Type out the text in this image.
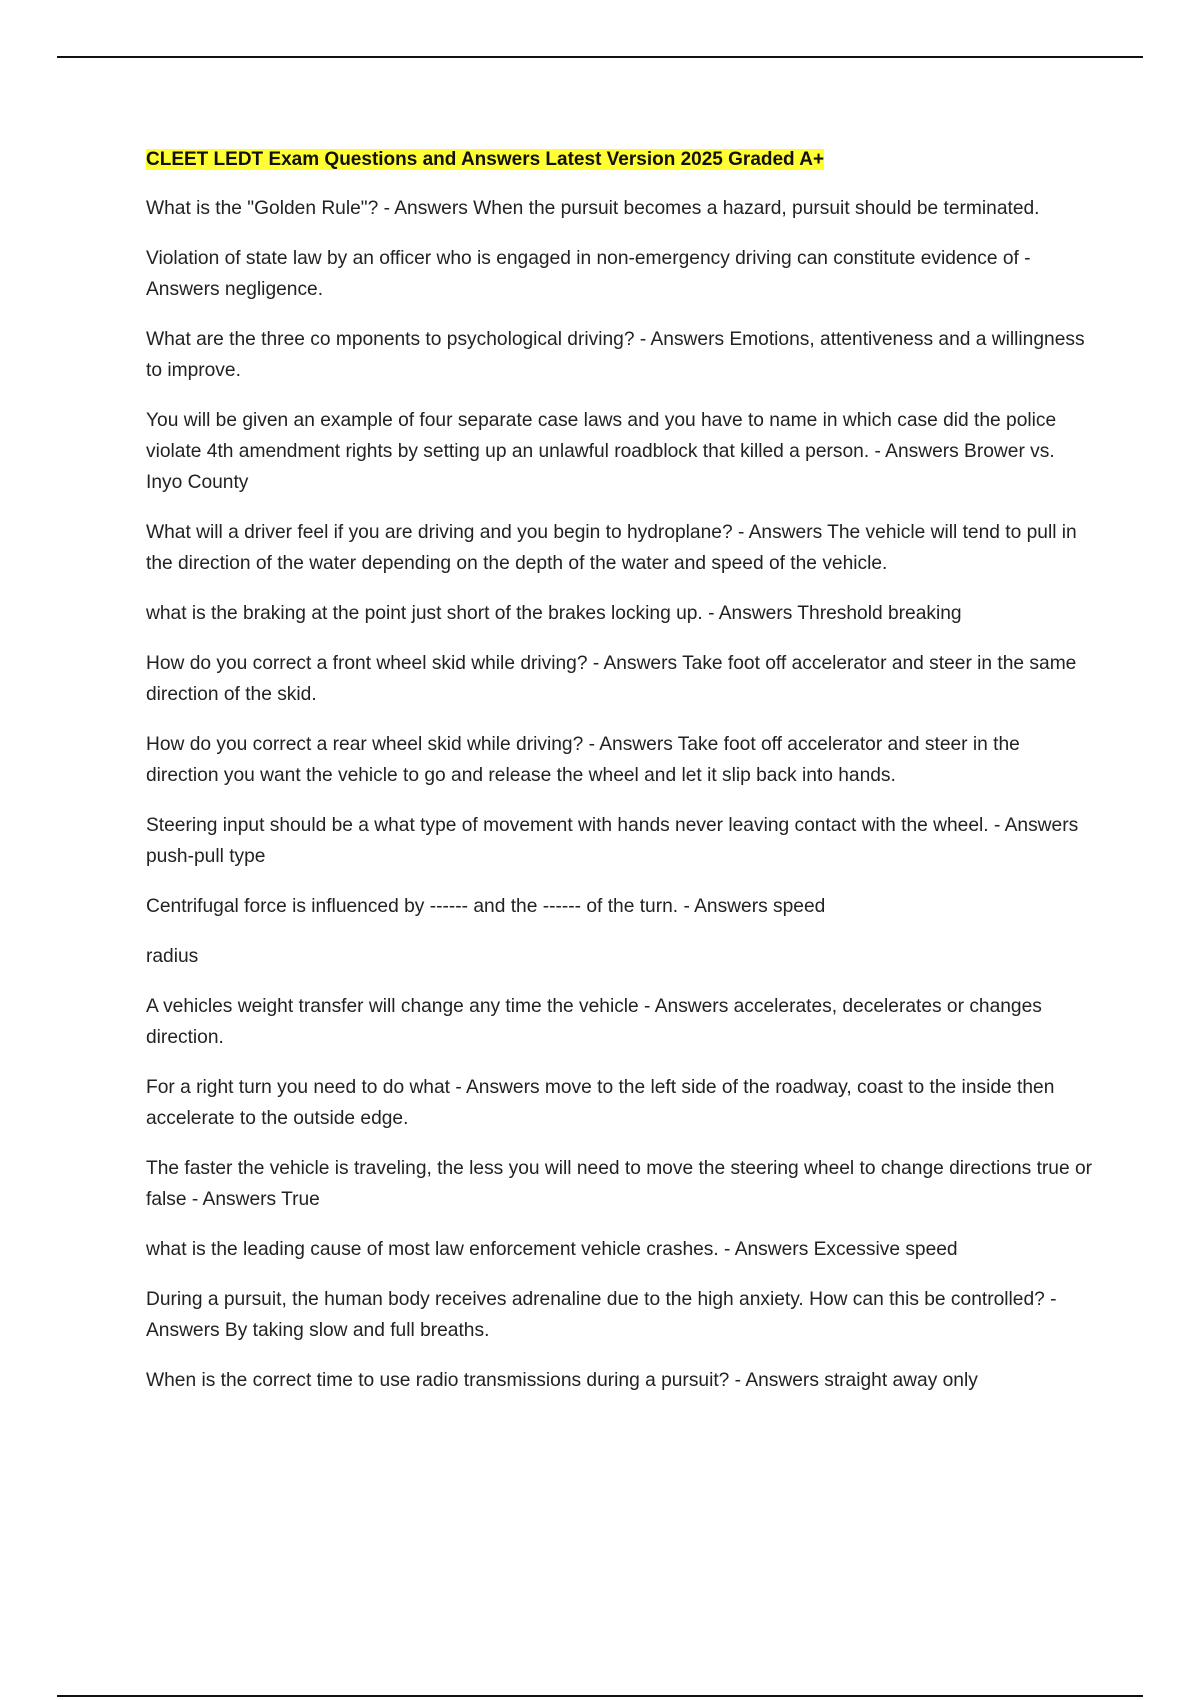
CLEET LEDT Exam Questions and Answers Latest Version 2025 Graded A+

What is the "Golden Rule"? - Answers When the pursuit becomes a hazard, pursuit should be terminated.

Violation of state law by an officer who is engaged in non-emergency driving can constitute evidence of - Answers negligence.

What are the three co mponents to psychological driving? - Answers Emotions, attentiveness and a willingness to improve.

You will be given an example of four separate case laws and you have to name in which case did the police violate 4th amendment rights by setting up an unlawful roadblock that killed a person. - Answers Brower vs. Inyo County

What will a driver feel if you are driving and you begin to hydroplane? - Answers The vehicle will tend to pull in the direction of the water depending on the depth of the water and speed of the vehicle.

what is the braking at the point just short of the brakes locking up. - Answers Threshold breaking

How do you correct a front wheel skid while driving? - Answers Take foot off accelerator and steer in the same direction of the skid.

How do you correct a rear wheel skid while driving? - Answers Take foot off accelerator and steer in the direction you want the vehicle to go and release the wheel and let it slip back into hands.

Steering input should be a what type of movement with hands never leaving contact with the wheel. - Answers push-pull type

Centrifugal force is influenced by ------ and the ------ of the turn. - Answers speed

radius

A vehicles weight transfer will change any time the vehicle - Answers accelerates, decelerates or changes direction.

For a right turn you need to do what - Answers move to the left side of the roadway, coast to the inside then accelerate to the outside edge.

The faster the vehicle is traveling, the less you will need to move the steering wheel to change directions true or false - Answers True

what is the leading cause of most law enforcement vehicle crashes. - Answers Excessive speed

During a pursuit, the human body receives adrenaline due to the high anxiety. How can this be controlled? - Answers By taking slow and full breaths.

When is the correct time to use radio transmissions during a pursuit? - Answers straight away only
